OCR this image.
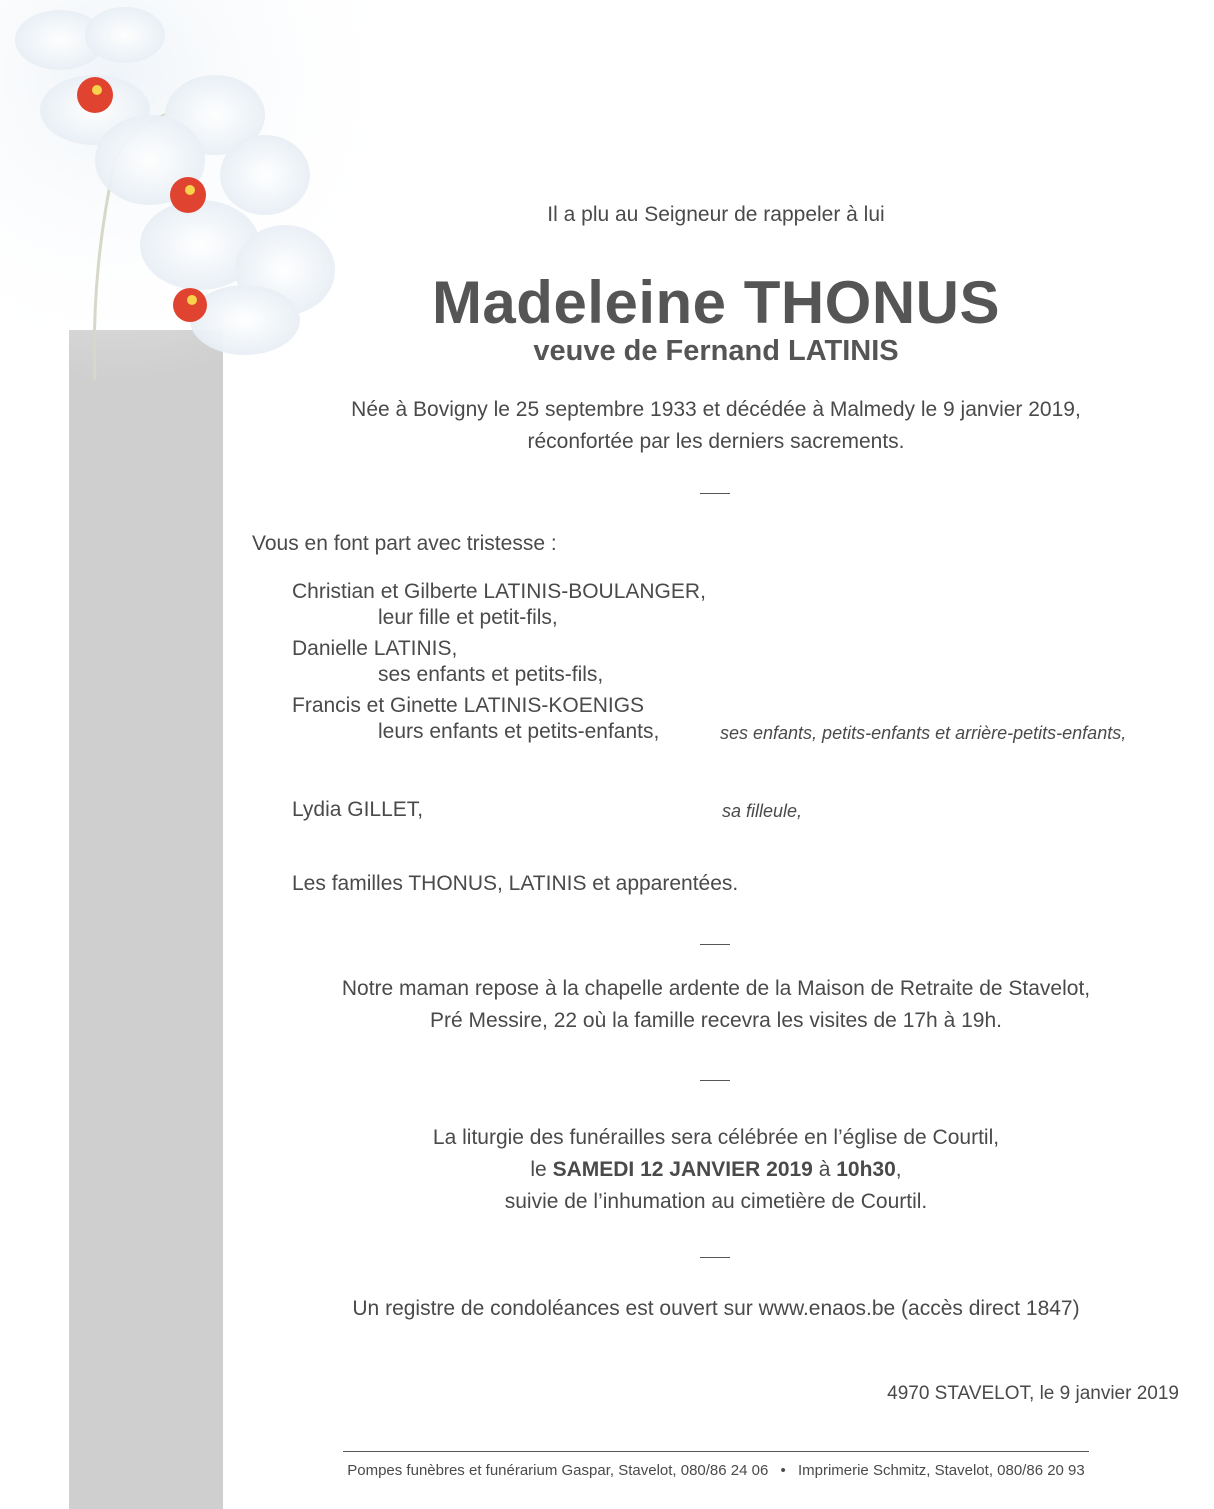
Il a plu au Seigneur de rappeler à lui
Madeleine THONUS
veuve de Fernand LATINIS
Née à Bovigny le 25 septembre 1933 et décédée à Malmedy le 9 janvier 2019,
réconfortée par les derniers sacrements.
Vous en font part avec tristesse :
Christian et Gilberte LATINIS-BOULANGER,
leur fille et petit-fils,
Danielle LATINIS,
ses enfants et petits-fils,
Francis et Ginette LATINIS-KOENIGS
leurs enfants et petits-enfants,	ses enfants, petits-enfants et arrière-petits-enfants,
Lydia GILLET,	sa filleule,
Les familles THONUS, LATINIS et apparentées.
Notre maman repose à la chapelle ardente de la Maison de Retraite de Stavelot,
Pré Messire, 22 où la famille recevra les visites de 17h à 19h.
La liturgie des funérailles sera célébrée en l’église de Courtil,
le SAMEDI 12 JANVIER 2019 à 10h30,
suivie de l’inhumation au cimetière de Courtil.
Un registre de condoléances est ouvert sur www.enaos.be (accès direct 1847)
4970 STAVELOT, le 9 janvier 2019
Pompes funèbres et funérarium Gaspar, Stavelot, 080/86 24 06 • Imprimerie Schmitz, Stavelot, 080/86 20 93
